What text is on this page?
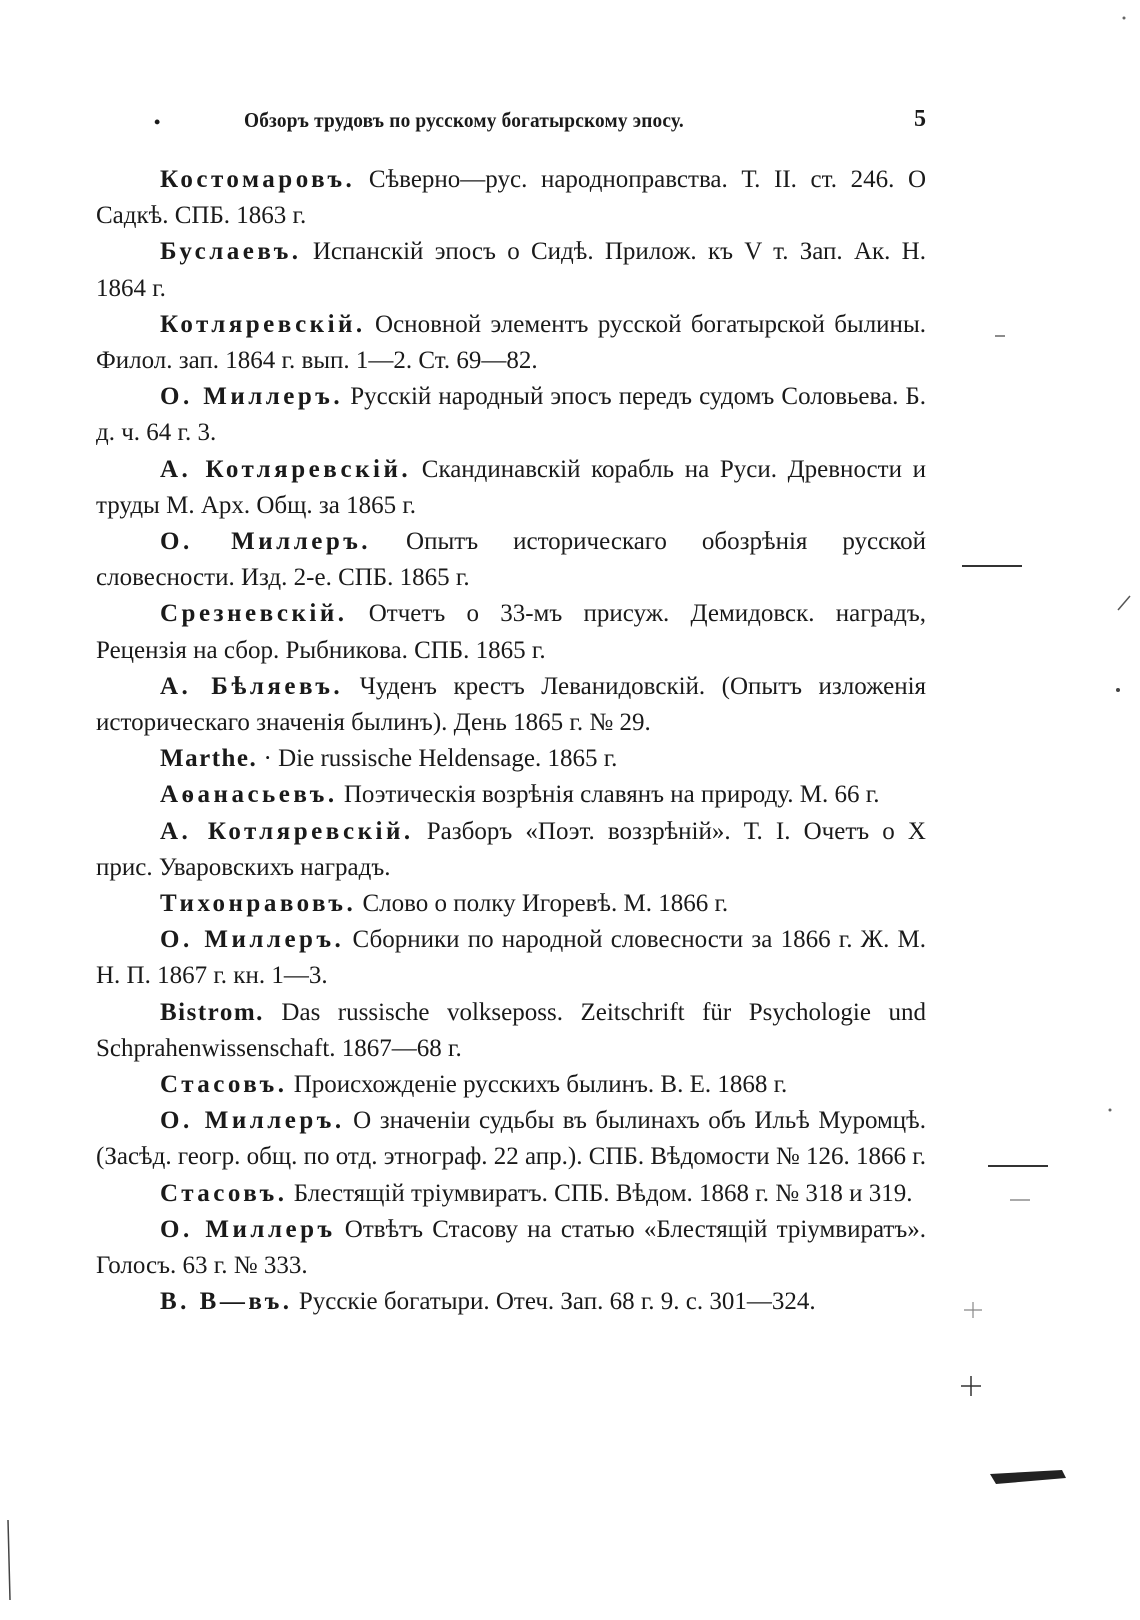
•	Обзоръ трудовъ по русскому богатырскому эпосу.	5

Костомаровъ. Сѣверно—рус. народноправства. Т. II. ст. 246. О Садкѣ. СПБ. 1863 г.

Буслаевъ. Испанскій эпосъ о Сидѣ. Прилож. къ V т. Зап. Ак. Н. 1864 г.

Котляревскій. Основной элементъ русской богатырской былины. Филол. зап. 1864 г. вып. 1—2. Ст. 69—82.

О. Миллеръ. Русскій народный эпосъ передъ судомъ Соловьева. Б. д. ч. 64 г. 3.

А. Котляревскій. Скандинавскій корабль на Руси. Древности и труды М. Арх. Общ. за 1865 г.

О. Миллеръ. Опытъ историческаго обозрѣнія русской словесности. Изд. 2-е. СПБ. 1865 г.

Срезневскій. Отчетъ о 33-мъ присуж. Демидовск. наградъ, Рецензія на сбор. Рыбникова. СПБ. 1865 г.

А. Бѣляевъ. Чуденъ крестъ Леванидовскій. (Опытъ изложенія историческаго значенія былинъ). День 1865 г. № 29.

Marthe. · Die russische Heldensage. 1865 г.

Аѳанасьевъ. Поэтическія возрѣнія славянъ на природу. М. 66 г.

А. Котляревскій. Разборъ «Поэт. воззрѣній». Т. I. Очетъ о X прис. Уваровскихъ наградъ.

Тихонравовъ. Слово о полку Игоревѣ. М. 1866 г.

О. Миллеръ. Сборники по народной словесности за 1866 г. Ж. М. Н. П. 1867 г. кн. 1—3.

Bistrom. Das russische volkseposs. Zeitschrift für Psychologie und Schprahenwissenschaft. 1867—68 г.

Стасовъ. Происхожденіе русскихъ былинъ. В. Е. 1868 г.

О. Миллеръ. О значеніи судьбы въ былинахъ объ Ильѣ Муромцѣ. (Засѣд. геогр. общ. по отд. этнограф. 22 апр.). СПБ. Вѣдомости № 126. 1866 г.

Стасовъ. Блестящій тріумвиратъ. СПБ. Вѣдом. 1868 г. № 318 и 319.

О. Миллеръ Отвѣтъ Стасову на статью «Блестящій тріумвиратъ». Голосъ. 63 г. № 333.

В. В—въ. Русскіе богатыри. Отеч. Зап. 68 г. 9. с. 301—324.
